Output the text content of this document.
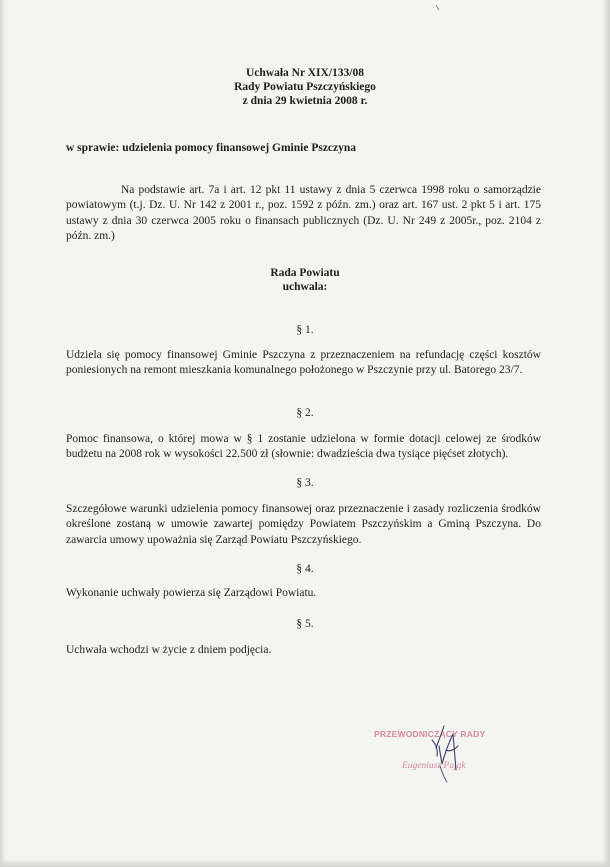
Uchwała Nr XIX/133/08
Rady Powiatu Pszczyńskiego
z dnia 29 kwietnia 2008 r.
w sprawie: udzielenia pomocy finansowej Gminie Pszczyna
Na podstawie art. 7a i art. 12 pkt 11 ustawy z dnia 5 czerwca 1998 roku o samorządzie powiatowym (t.j. Dz. U. Nr 142 z 2001 r., poz. 1592 z późn. zm.) oraz art. 167 ust. 2 pkt 5 i art. 175 ustawy z dnia 30 czerwca 2005 roku o finansach publicznych (Dz. U. Nr 249 z 2005r., poz. 2104 z późn. zm.)
Rada Powiatu
uchwala:
§ 1.
Udziela się pomocy finansowej Gminie Pszczyna z przeznaczeniem na refundację części kosztów poniesionych na remont mieszkania komunalnego położonego w Pszczynie przy ul. Batorego 23/7.
§ 2.
Pomoc finansowa, o której mowa w § 1 zostanie udzielona w formie dotacji celowej ze środków budżetu na 2008 rok w wysokości 22.500 zł (słownie: dwadzieścia dwa tysiące pięćset złotych).
§ 3.
Szczegółowe warunki udzielenia pomocy finansowej oraz przeznaczenie i zasady rozliczenia środków określone zostaną w umowie zawartej pomiędzy Powiatem Pszczyńskim a Gminą Pszczyna. Do zawarcia umowy upoważnia się Zarząd Powiatu Pszczyńskiego.
§ 4.
Wykonanie uchwały powierza się Zarządowi Powiatu.
§ 5.
Uchwała wchodzi w życie z dniem podjęcia.
PRZEWODNICZĄCY RADY
Eugeniusz Pająk
